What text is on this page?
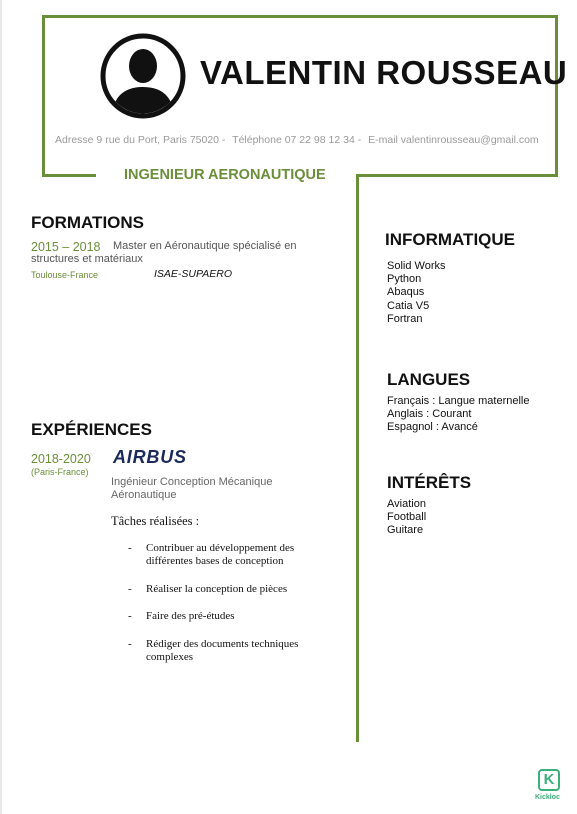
VALENTIN ROUSSEAU
Adresse 9 rue du Port, Paris 75020 - Téléphone 07 22 98 12 34 - E-mail valentinrousseau@gmail.com
INGENIEUR AERONAUTIQUE
FORMATIONS
2015 – 2018	Master en Aéronautique spécialisé en structures et matériaux
Toulouse-France	ISAE-SUPAERO
EXPÉRIENCES
2018-2020
(Paris-France)
AIRBUS
Ingénieur Conception Mécanique Aéronautique
Tâches réalisées :
- Contribuer au développement des différentes bases de conception
- Réaliser la conception de pièces
- Faire des pré-études
- Rédiger des documents techniques complexes
INFORMATIQUE
Solid Works
Python
Abaqus
Catia V5
Fortran
LANGUES
Français : Langue maternelle
Anglais : Courant
Espagnol : Avancé
INTÉRÊTS
Aviation
Football
Guitare
K
Kickloc
